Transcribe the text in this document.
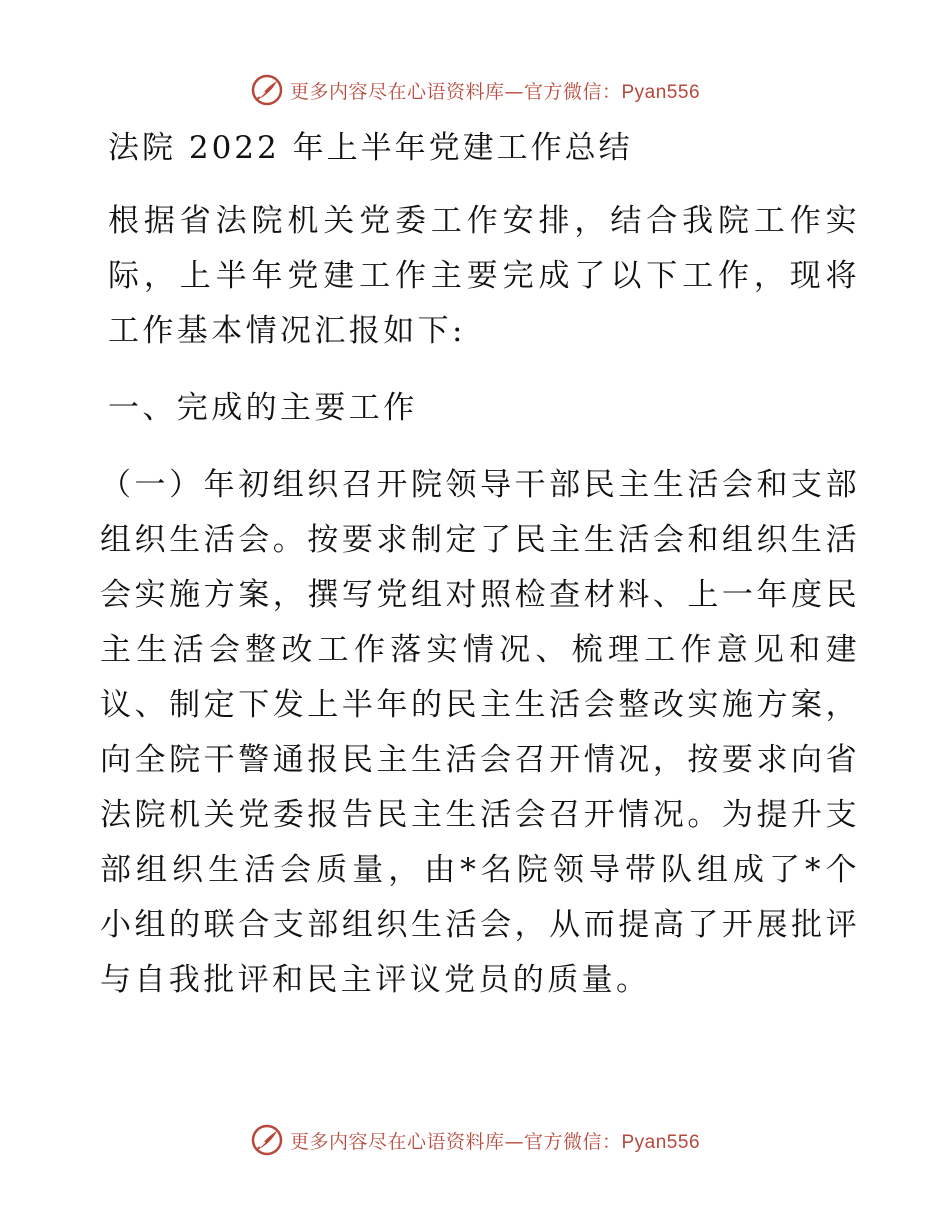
更多内容尽在心语资料库—官方微信：Pyan556
法院 2022 年上半年党建工作总结

根据省法院机关党委工作安排，结合我院工作实际，上半年党建工作主要完成了以下工作，现将工作基本情况汇报如下:

一、完成的主要工作

（一）年初组织召开院领导干部民主生活会和支部组织生活会。按要求制定了民主生活会和组织生活会实施方案，撰写党组对照检查材料、上一年度民主生活会整改工作落实情况、梳理工作意见和建议、制定下发上半年的民主生活会整改实施方案，向全院干警通报民主生活会召开情况，按要求向省法院机关党委报告民主生活会召开情况。为提升支部组织生活会质量，由*名院领导带队组成了*个小组的联合支部组织生活会，从而提高了开展批评与自我批评和民主评议党员的质量。

更多内容尽在心语资料库—官方微信：Pyan556
